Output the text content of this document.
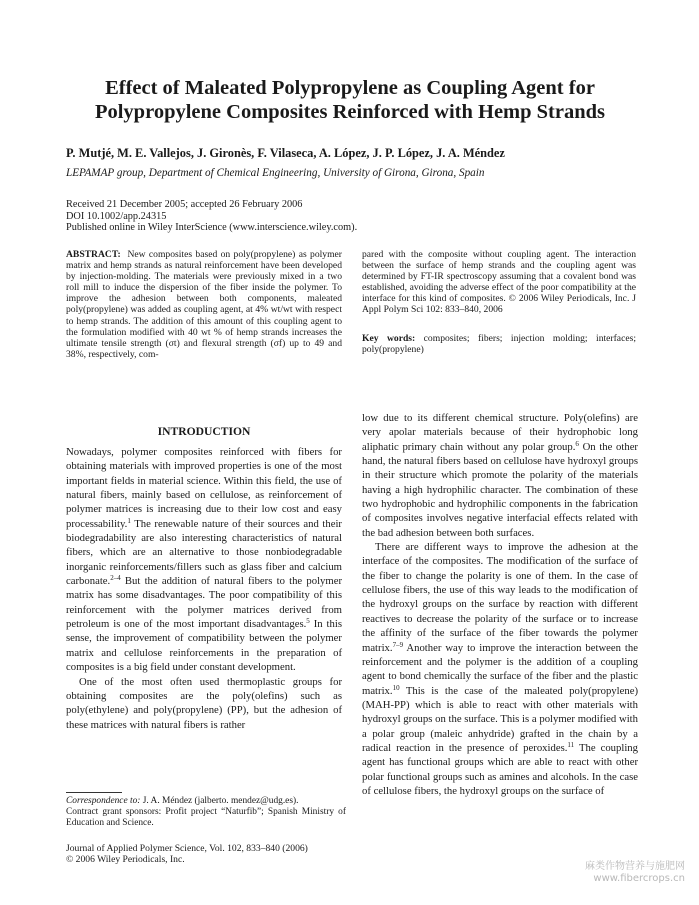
Effect of Maleated Polypropylene as Coupling Agent for
Polypropylene Composites Reinforced with Hemp Strands

P. Mutjé, M. E. Vallejos, J. Gironès, F. Vilaseca, A. López, J. P. López, J. A. Méndez

LEPAMAP group, Department of Chemical Engineering, University of Girona, Girona, Spain

Received 21 December 2005; accepted 26 February 2006
DOI 10.1002/app.24315
Published online in Wiley InterScience (www.interscience.wiley.com).
ABSTRACT: New composites based on poly(propylene) as polymer matrix and hemp strands as natural reinforcement have been developed by injection-molding. The materials were previously mixed in a two roll mill to induce the dispersion of the fiber inside the polymer. To improve the adhesion between both components, maleated poly(propylene) was added as coupling agent, at 4% wt/wt with respect to hemp strands. The addition of this amount of this coupling agent to the formulation modified with 40 wt % of hemp strands increases the ultimate tensile strength (σt) and flexural strength (σf) up to 49 and 38%, respectively, com-
pared with the composite without coupling agent. The interaction between the surface of hemp strands and the coupling agent was determined by FT-IR spectroscopy assuming that a covalent bond was established, avoiding the adverse effect of the poor compatibility at the interface for this kind of composites. © 2006 Wiley Periodicals, Inc. J Appl Polym Sci 102: 833–840, 2006
Key words: composites; fibers; injection molding; interfaces; poly(propylene)
INTRODUCTION

Nowadays, polymer composites reinforced with fibers for obtaining materials with improved properties is one of the most important fields in material science. Within this field, the use of natural fibers, mainly based on cellulose, as reinforcement of polymer matrices is increasing due to their low cost and easy processability.$^1$ The renewable nature of their sources and their biodegradability are also interesting characteristics of natural fibers, which are an alternative to those nonbiodegradable inorganic reinforcements/fillers such as glass fiber and calcium carbonate.$^{2-4}$ But the addition of natural fibers to the polymer matrix has some disadvantages. The poor compatibility of this reinforcement with the polymer matrices derived from petroleum is one of the most important disadvantages.$^5$ In this sense, the improvement of compatibility between the polymer matrix and cellulose reinforcements in the preparation of composites is a big field under constant development.

One of the most often used thermoplastic groups for obtaining composites are the poly(olefins) such as poly(ethylene) and poly(propylene) (PP), but the adhesion of these matrices with natural fibers is rather

low due to its different chemical structure. Poly(olefins) are very apolar materials because of their hydrophobic long aliphatic primary chain without any polar group.$^6$ On the other hand, the natural fibers based on cellulose have hydroxyl groups in their structure which promote the polarity of the materials having a high hydrophilic character. The combination of these two hydrophobic and hydrophilic components in the fabrication of composites involves negative interfacial effects related with the bad adhesion between both surfaces.

There are different ways to improve the adhesion at the interface of the composites. The modification of the surface of the fiber to change the polarity is one of them. In the case of cellulose fibers, the use of this way leads to the modification of the hydroxyl groups on the surface by reaction with different reactives to decrease the polarity of the surface or to increase the affinity of the surface of the fiber towards the polymer matrix.$^{7-9}$ Another way to improve the interaction between the reinforcement and the polymer is the addition of a coupling agent to bond chemically the surface of the fiber and the plastic matrix.$^{10}$ This is the case of the maleated poly(propylene) (MAH-PP) which is able to react with other materials with hydroxyl groups on the surface. This is a polymer modified with a polar group (maleic anhydride) grafted in the chain by a radical reaction in the presence of peroxides.$^{11}$ The coupling agent has functional groups which are able to react with other polar functional groups such as amines and alcohols. In the case of cellulose fibers, the hydroxyl groups on the surface of

Correspondence to: J. A. Méndez (jalberto. mendez@udg.es).

Contract grant sponsors: Profit project “Naturfib”; Spanish Ministry of Education and Science.

Journal of Applied Polymer Science, Vol. 102, 833–840 (2006)
© 2006 Wiley Periodicals, Inc.
麻类作物营养与施肥网
www.fibercrops.cn
